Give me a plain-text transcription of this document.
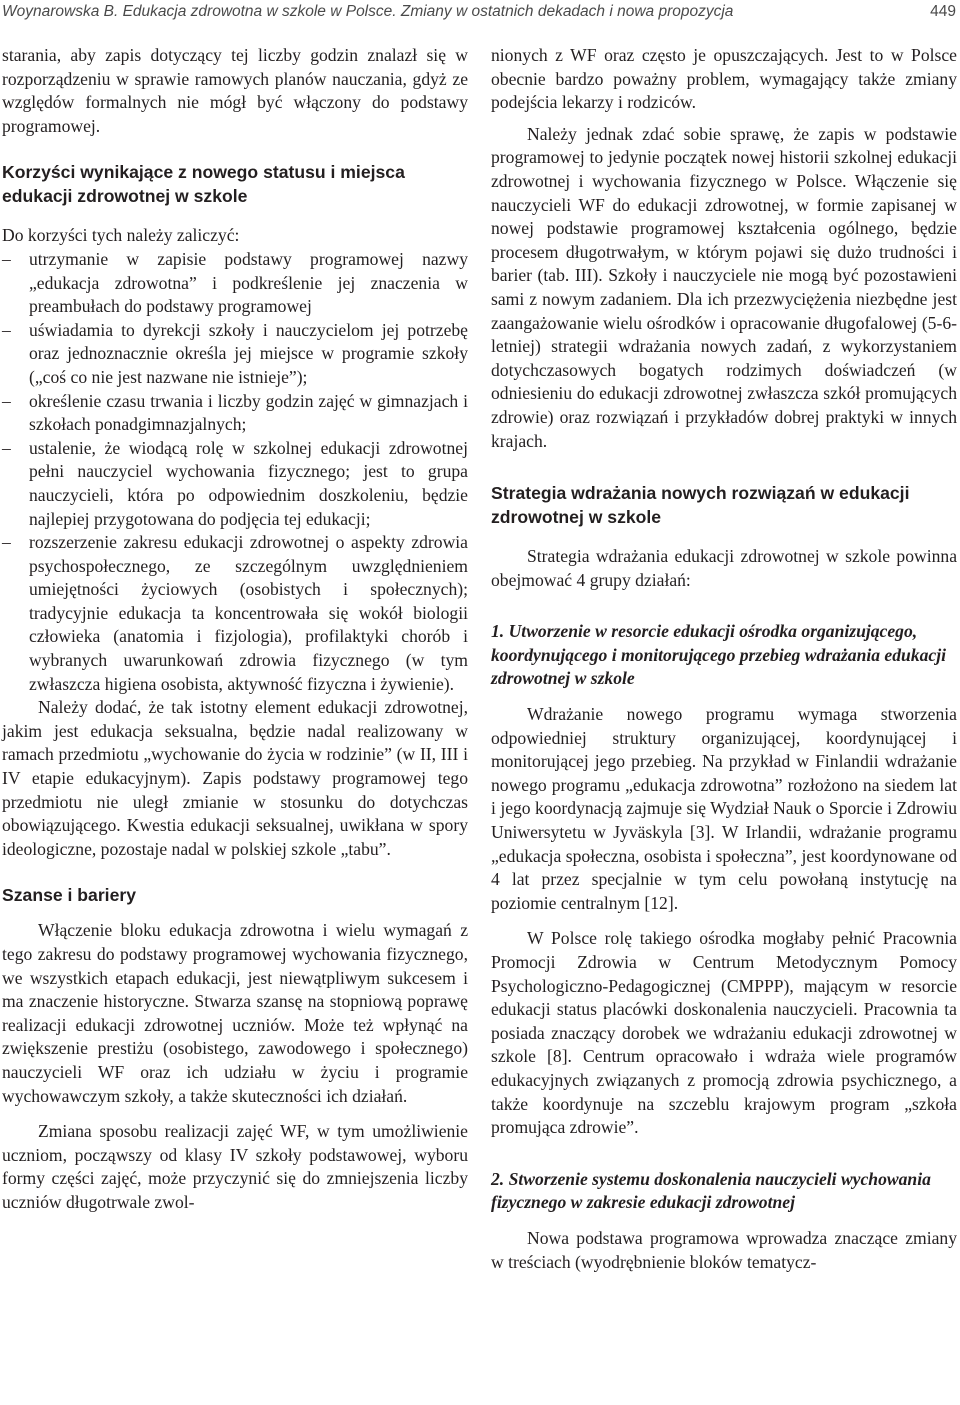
Woynarowska B. Edukacja zdrowotna w szkole w Polsce. Zmiany w ostatnich dekadach i nowa propozycja	449

starania, aby zapis dotyczący tej liczby godzin znalazł się w rozporządzeniu w sprawie ramowych planów nauczania, gdyż ze względów formalnych nie mógł być włączony do podstawy programowej.

Korzyści wynikające z nowego statusu i miejsca edukacji zdrowotnej w szkole

Do korzyści tych należy zaliczyć:

– utrzymanie w zapisie podstawy programowej nazwy „edukacja zdrowotna” i podkreślenie jej znaczenia w preambułach do podstawy programowej
– uświadamia to dyrekcji szkoły i nauczycielom jej potrzebę oraz jednoznacznie określa jej miejsce w programie szkoły („coś co nie jest nazwane nie istnieje”);
– określenie czasu trwania i liczby godzin zajęć w gimnazjach i szkołach ponadgimnazjalnych;
– ustalenie, że wiodącą rolę w szkolnej edukacji zdrowotnej pełni nauczyciel wychowania fizycznego; jest to grupa nauczycieli, która po odpowiednim doszkoleniu, będzie najlepiej przygotowana do podjęcia tej edukacji;
– rozszerzenie zakresu edukacji zdrowotnej o aspekty zdrowia psychospołecznego, ze szczególnym uwzględnieniem umiejętności życiowych (osobistych i społecznych); tradycyjnie edukacja ta koncentrowała się wokół biologii człowieka (anatomia i fizjologia), profilaktyki chorób i wybranych uwarunkowań zdrowia fizycznego (w tym zwłaszcza higiena osobista, aktywność fizyczna i żywienie).

Należy dodać, że tak istotny element edukacji zdrowotnej, jakim jest edukacja seksualna, będzie nadal realizowany w ramach przedmiotu „wychowanie do życia w rodzinie” (w II, III i IV etapie edukacyjnym). Zapis podstawy programowej tego przedmiotu nie uległ zmianie w stosunku do dotychczas obowiązującego. Kwestia edukacji seksualnej, uwikłana w spory ideologiczne, pozostaje nadal w polskiej szkole „tabu”.

Szanse i bariery

Włączenie bloku edukacja zdrowotna i wielu wymagań z tego zakresu do podstawy programowej wychowania fizycznego, we wszystkich etapach edukacji, jest niewątpliwym sukcesem i ma znaczenie historyczne. Stwarza szansę na stopniową poprawę realizacji edukacji zdrowotnej uczniów. Może też wpłynąć na zwiększenie prestiżu (osobistego, zawodowego i społecznego) nauczycieli WF oraz ich udziału w życiu i programie wychowawczym szkoły, a także skuteczności ich działań.

Zmiana sposobu realizacji zajęć WF, w tym umożliwienie uczniom, począwszy od klasy IV szkoły podstawowej, wyboru formy części zajęć, może przyczynić się do zmniejszenia liczby uczniów długotrwale zwol-

nionych z WF oraz często je opuszczających. Jest to w Polsce obecnie bardzo poważny problem, wymagający także zmiany podejścia lekarzy i rodziców.

Należy jednak zdać sobie sprawę, że zapis w podstawie programowej to jedynie początek nowej historii szkolnej edukacji zdrowotnej i wychowania fizycznego w Polsce. Włączenie się nauczycieli WF do edukacji zdrowotnej, w formie zapisanej w nowej podstawie programowej kształcenia ogólnego, będzie procesem długotrwałym, w którym pojawi się dużo trudności i barier (tab. III). Szkoły i nauczyciele nie mogą być pozostawieni sami z nowym zadaniem. Dla ich przezwyciężenia niezbędne jest zaangażowanie wielu ośrodków i opracowanie długofalowej (5-6-letniej) strategii wdrażania nowych zadań, z wykorzystaniem dotychczasowych bogatych rodzimych doświadczeń (w odniesieniu do edukacji zdrowotnej zwłaszcza szkół promujących zdrowie) oraz rozwiązań i przykładów dobrej praktyki w innych krajach.

Strategia wdrażania nowych rozwiązań w edukacji zdrowotnej w szkole

Strategia wdrażania edukacji zdrowotnej w szkole powinna obejmować 4 grupy działań:

1. Utworzenie w resorcie edukacji ośrodka organizującego, koordynującego i monitorującego przebieg wdrażania edukacji zdrowotnej w szkole

Wdrażanie nowego programu wymaga stworzenia odpowiedniej struktury organizującej, koordynującej i monitorującej jego przebieg. Na przykład w Finlandii wdrażanie nowego programu „edukacja zdrowotna” rozłożono na siedem lat i jego koordynacją zajmuje się Wydział Nauk o Sporcie i Zdrowiu Uniwersytetu w Jyväskyla [3]. W Irlandii, wdrażanie programu „edukacja społeczna, osobista i społeczna”, jest koordynowane od 4 lat przez specjalnie w tym celu powołaną instytucję na poziomie centralnym [12].

W Polsce rolę takiego ośrodka mogłaby pełnić Pracownia Promocji Zdrowia w Centrum Metodycznym Pomocy Psychologiczno-Pedagogicznej (CMPPP), mającym w resorcie edukacji status placówki doskonalenia nauczycieli. Pracownia ta posiada znaczący dorobek we wdrażaniu edukacji zdrowotnej w szkole [8]. Centrum opracowało i wdraża wiele programów edukacyjnych związanych z promocją zdrowia psychicznego, a także koordynuje na szczeblu krajowym program „szkoła promująca zdrowie”.

2. Stworzenie systemu doskonalenia nauczycieli wychowania fizycznego w zakresie edukacji zdrowotnej

Nowa podstawa programowa wprowadza znaczące zmiany w treściach (wyodrębnienie bloków tematycz-
